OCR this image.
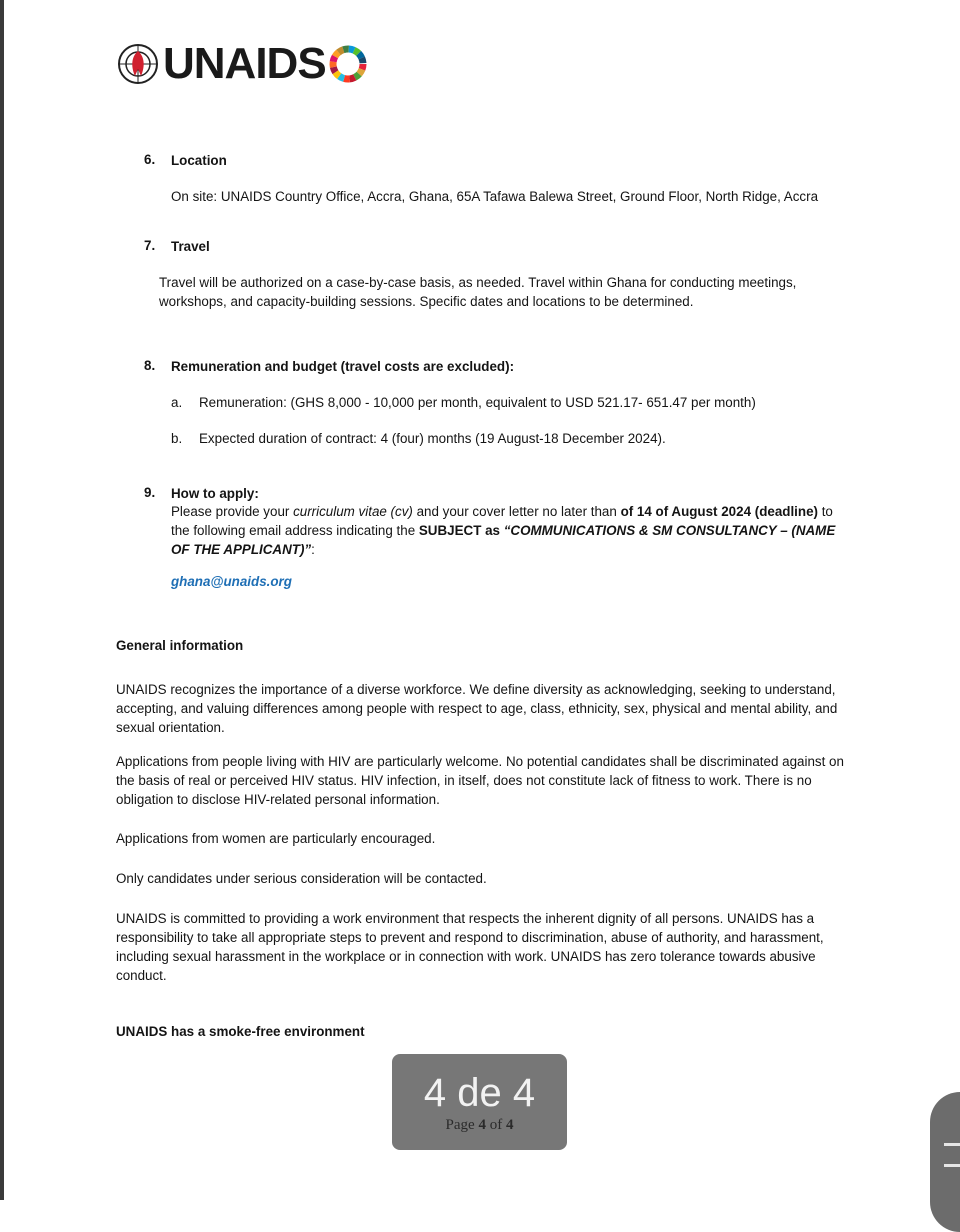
UNAIDS
6. Location

On site: UNAIDS Country Office, Accra, Ghana, 65A Tafawa Balewa Street, Ground Floor, North Ridge, Accra

7. Travel

Travel will be authorized on a case-by-case basis, as needed. Travel within Ghana for conducting meetings, workshops, and capacity-building sessions. Specific dates and locations to be determined.

8. Remuneration and budget (travel costs are excluded):
a. Remuneration: (GHS 8,000 - 10,000 per month, equivalent to USD 521.17- 651.47 per month)
b. Expected duration of contract: 4 (four) months (19 August-18 December 2024).
9. How to apply:

Please provide your curriculum vitae (cv) and your cover letter no later than of 14 of August 2024 (deadline) to the following email address indicating the SUBJECT as “COMMUNICATIONS & SM CONSULTANCY – (NAME OF THE APPLICANT)”:

ghana@unaids.org
General information

UNAIDS recognizes the importance of a diverse workforce. We define diversity as acknowledging, seeking to understand, accepting, and valuing differences among people with respect to age, class, ethnicity, sex, physical and mental ability, and sexual orientation.

Applications from people living with HIV are particularly welcome. No potential candidates shall be discriminated against on the basis of real or perceived HIV status. HIV infection, in itself, does not constitute lack of fitness to work. There is no obligation to disclose HIV-related personal information.

Applications from women are particularly encouraged.

Only candidates under serious consideration will be contacted.

UNAIDS is committed to providing a work environment that respects the inherent dignity of all persons. UNAIDS has a responsibility to take all appropriate steps to prevent and respond to discrimination, abuse of authority, and harassment, including sexual harassment in the workplace or in connection with work. UNAIDS has zero tolerance towards abusive conduct.

UNAIDS has a smoke-free environment
4 de 4
Page 4 of 4
